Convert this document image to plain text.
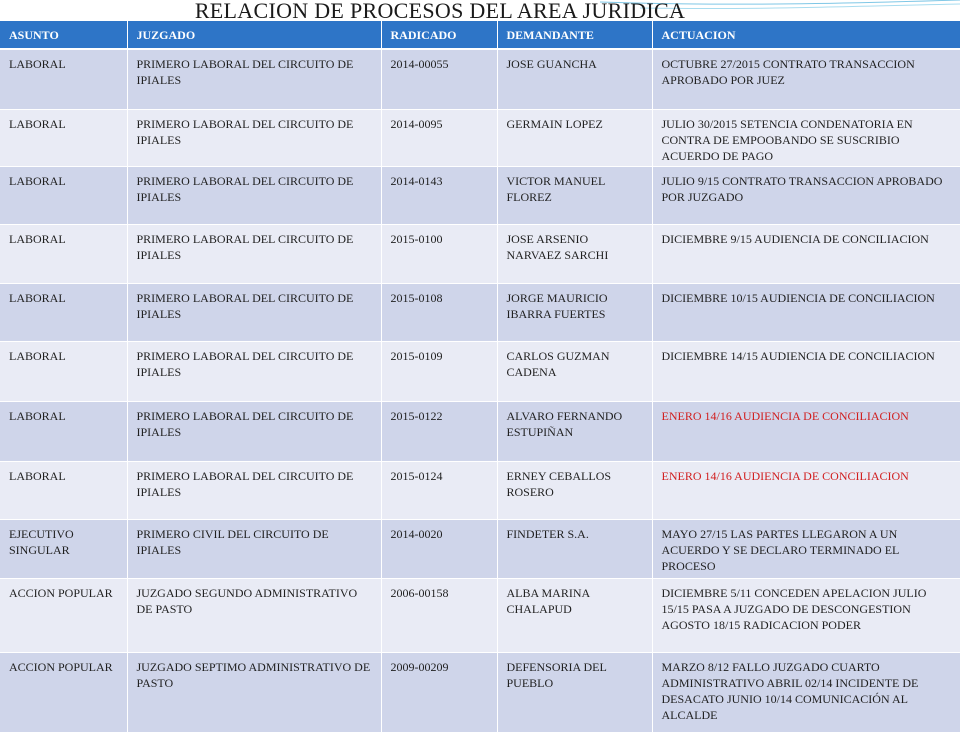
RELACION DE PROCESOS DEL AREA JURIDICA
ASUNTO	JUZGADO	RADICADO	DEMANDANTE	ACTUACION
LABORAL	PRIMERO LABORAL DEL CIRCUITO DE IPIALES	2014-00055	JOSE GUANCHA	OCTUBRE 27/2015 CONTRATO TRANSACCION APROBADO POR JUEZ
LABORAL	PRIMERO LABORAL DEL CIRCUITO DE IPIALES	2014-0095	GERMAIN LOPEZ	JULIO 30/2015 SETENCIA CONDENATORIA EN CONTRA DE EMPOOBANDO SE SUSCRIBIO ACUERDO DE PAGO
LABORAL	PRIMERO LABORAL DEL CIRCUITO DE IPIALES	2014-0143	VICTOR MANUEL FLOREZ	JULIO 9/15 CONTRATO TRANSACCION APROBADO POR JUZGADO
LABORAL	PRIMERO LABORAL DEL CIRCUITO DE IPIALES	2015-0100	JOSE ARSENIO NARVAEZ SARCHI	DICIEMBRE 9/15 AUDIENCIA DE CONCILIACION
LABORAL	PRIMERO LABORAL DEL CIRCUITO DE IPIALES	2015-0108	JORGE MAURICIO IBARRA FUERTES	DICIEMBRE 10/15 AUDIENCIA DE CONCILIACION
LABORAL	PRIMERO LABORAL DEL CIRCUITO DE IPIALES	2015-0109	CARLOS GUZMAN CADENA	DICIEMBRE 14/15 AUDIENCIA DE CONCILIACION
LABORAL	PRIMERO LABORAL DEL CIRCUITO DE IPIALES	2015-0122	ALVARO FERNANDO ESTUPIÑAN	ENERO 14/16 AUDIENCIA DE CONCILIACION
LABORAL	PRIMERO LABORAL DEL CIRCUITO DE IPIALES	2015-0124	ERNEY CEBALLOS ROSERO	ENERO 14/16 AUDIENCIA DE CONCILIACION
EJECUTIVO SINGULAR	PRIMERO CIVIL DEL CIRCUITO DE IPIALES	2014-0020	FINDETER S.A.	MAYO 27/15 LAS PARTES LLEGARON A UN ACUERDO Y SE DECLARO TERMINADO EL PROCESO
ACCION POPULAR	JUZGADO SEGUNDO ADMINISTRATIVO DE PASTO	2006-00158	ALBA MARINA CHALAPUD	DICIEMBRE 5/11 CONCEDEN APELACION JULIO 15/15 PASA A JUZGADO DE DESCONGESTION AGOSTO 18/15 RADICACION PODER
ACCION POPULAR	JUZGADO SEPTIMO ADMINISTRATIVO DE PASTO	2009-00209	DEFENSORIA DEL PUEBLO	MARZO 8/12 FALLO JUZGADO CUARTO ADMINISTRATIVO ABRIL 02/14 INCIDENTE DE DESACATO JUNIO 10/14 COMUNICACIÓN AL ALCALDE
